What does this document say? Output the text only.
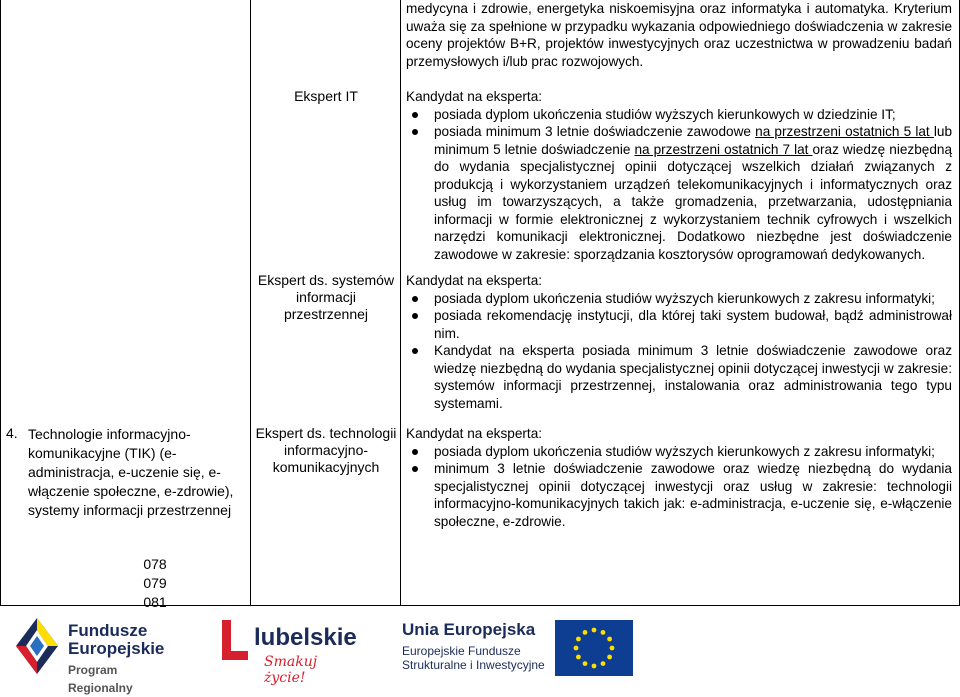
4. Technologie informacyjno-komunikacyjne (TIK) (e-administracja, e-uczenie się, e-włączenie społeczne, e-zdrowie), systemy informacji przestrzennej
078
079
081
Ekspert IT
Ekspert ds. systemów informacji przestrzennej
Ekspert ds. technologii informacyjno-komunikacyjnych

medycyna i zdrowie, energetyka niskoemisyjna oraz informatyka i automatyka. Kryterium uważa się za spełnione w przypadku wykazania odpowiedniego doświadczenia w zakresie oceny projektów B+R, projektów inwestycyjnych oraz uczestnictwa w prowadzeniu badań przemysłowych i/lub prac rozwojowych.

Kandydat na eksperta:

posiada dyplom ukończenia studiów wyższych kierunkowych w dziedzinie IT;
posiada minimum 3 letnie doświadczenie zawodowe na przestrzeni ostatnich 5 lat lub minimum 5 letnie doświadczenie na przestrzeni ostatnich 7 lat oraz wiedzę niezbędną do wydania specjalistycznej opinii dotyczącej wszelkich działań związanych z produkcją i wykorzystaniem urządzeń telekomunikacyjnych i informatycznych oraz usług im towarzyszących, a także gromadzenia, przetwarzania, udostępniania informacji w formie elektronicznej z wykorzystaniem technik cyfrowych i wszelkich narzędzi komunikacji elektronicznej. Dodatkowo niezbędne jest doświadczenie zawodowe w zakresie: sporządzania kosztorysów oprogramowań dedykowanych.

Kandydat na eksperta:

posiada dyplom ukończenia studiów wyższych kierunkowych z zakresu informatyki;
posiada rekomendację instytucji, dla której taki system budował, bądź administrował nim.
Kandydat na eksperta posiada minimum 3 letnie doświadczenie zawodowe oraz wiedzę niezbędną do wydania specjalistycznej opinii dotyczącej inwestycji w zakresie: systemów informacji przestrzennej, instalowania oraz administrowania tego typu systemami.

Kandydat na eksperta:

posiada dyplom ukończenia studiów wyższych kierunkowych z zakresu informatyki;
minimum 3 letnie doświadczenie zawodowe oraz wiedzę niezbędną do wydania specjalistycznej opinii dotyczącej inwestycji oraz usług w zakresie: technologii informacyjno-komunikacyjnych takich jak: e-administracja, e-uczenie się, e-włączenie społeczne, e-zdrowie.
Fundusze
Europejskie
Program Regionalny
lubelskie
Smakuj życie!
Unia Europejska
Europejskie Fundusze
Strukturalne i Inwestycyjne
